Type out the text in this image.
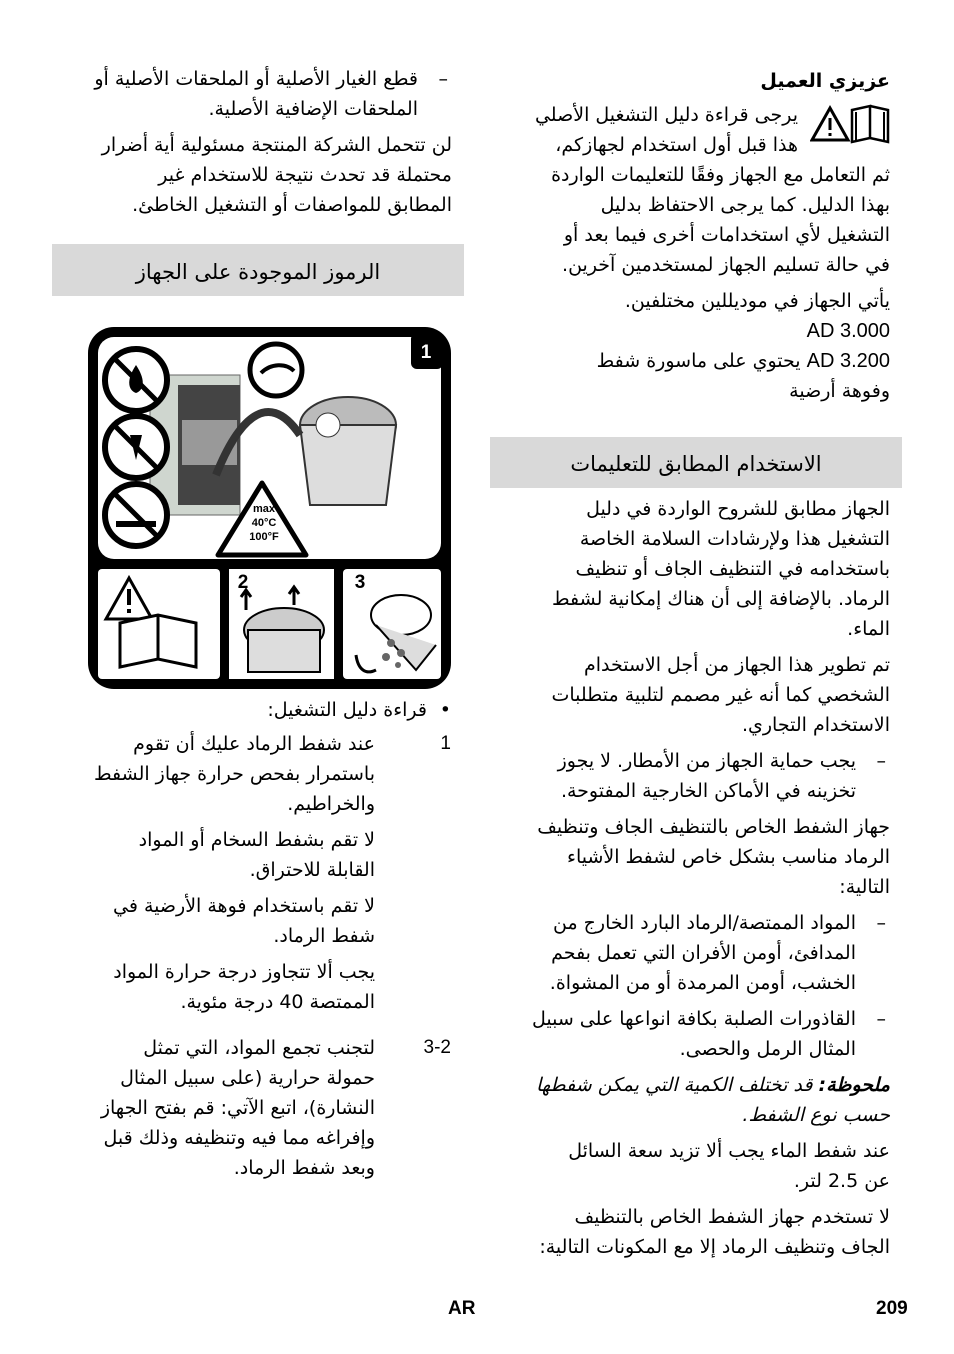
عزيزي العميل
يرجى قراءة دليل التشغيل الأصلي
هذا قبل أول استخدام لجهازكم،
ثم التعامل مع الجهاز وفقًا للتعليمات الواردة
بهذا الدليل. كما يرجى الاحتفاظ بدليل
التشغيل لأي استخدامات أخرى فيما بعد أو
في حالة تسليم الجهاز لمستخدمين آخرين.
يأتي الجهاز في موديللين مختلفين.
AD 3.000
AD 3.200 يحتوي على ماسورة شفط
وفوهة أرضية
الاستخدام المطابق للتعليمات
الجهاز مطابق للشروح الواردة في دليل
التشغيل هذا ولإرشادات السلامة الخاصة
باستخدامه في التنظيف الجاف أو تنظيف
الرماد. بالإضافة إلى أن هناك إمكانية لشفط
الماء.
تم تطوير هذا الجهاز من أجل الاستخدام
الشخصي كما أنه غير مصمم لتلبية متطلبات
الاستخدام التجاري.
–
يجب حماية الجهاز من الأمطار. لا يجوز
تخزينه في الأماكن الخارجية المفتوحة.
جهاز الشفط الخاص بالتنظيف الجاف وتنظيف
الرماد مناسب بشكل خاص لشفط الأشياء
التالية:
–
المواد الممتصة/الرماد البارد الخارج من
المدافئ، أومن الأفران التي تعمل بفحم
الخشب، أومن المرمدة أو من المشواة.
–
القاذورات الصلبة بكافة انواعها على سبيل
المثال الرمل والحصى.
ملحوظة: قد تختلف الكمية التي يمكن شفطها
حسب نوع الشفط.
عند شفط الماء يجب ألا تزيد سعة السائل
عن 2.5 لتر.
لا تستخدم جهاز الشفط الخاص بالتنظيف
الجاف وتنظيف الرماد إلا مع المكونات التالية:
–
قطع الغيار الأصلية أو الملحقات الأصلية أو
الملحقات الإضافية الأصلية.
لن تتحمل الشركة المنتجة مسئولية أية أضرار
محتملة قد تحدث نتيجة للاستخدام غير
المطابق للمواصفات أو التشغيل الخاطئ.
الرموز الموجودة على الجهاز
max
40°C
100°F
1
2	3
•
قراءة دليل التشغيل:
1
عند شفط الرماد عليك أن تقوم
باستمرار بفحص حرارة جهاز الشفط
والخراطيم.
لا تقم بشفط السخام أو المواد
القابلة للاحتراق.
لا تقم باستخدام فوهة الأرضية في
شفط الرماد.
يجب ألا تتجاوز درجة حرارة المواد
الممتصة 40 درجة مئوية.
3-2
لتجنب تجمع المواد، التي تمثل
حمولة حرارية (على سبيل المثال
النشارة)، اتبع الآتي: قم بفتح الجهاز
وإفراغه مما فيه وتنظيفه وذلك قبل
وبعد شفط الرماد.
AR	209
